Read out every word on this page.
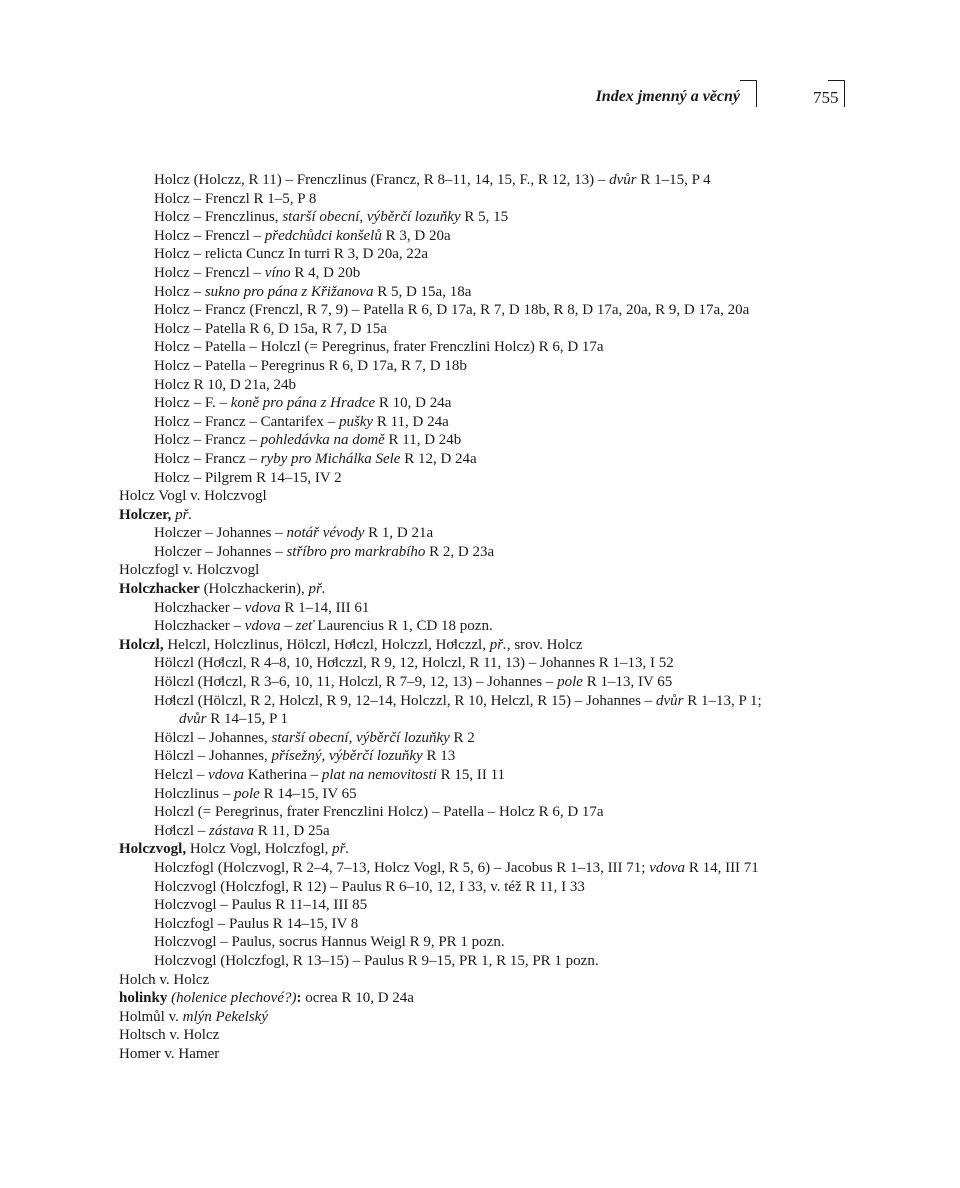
Index jmenný a věcný	755
Holcz (Holczz, R 11) – Frenczlinus (Francz, R 8–11, 14, 15, F., R 12, 13) – dvůr R 1–15, P 4
Holcz – Frenczl R 1–5, P 8
Holcz – Frenczlinus, starší obecní, výběrčí lozuňky R 5, 15
Holcz – Frenczl – předchůdci konšelů R 3, D 20a
Holcz – relicta Cuncz In turri R 3, D 20a, 22a
Holcz – Frenczl – víno R 4, D 20b
Holcz – sukno pro pána z Křižanova R 5, D 15a, 18a
Holcz – Francz (Frenczl, R 7, 9) – Patella R 6, D 17a, R 7, D 18b, R 8, D 17a, 20a, R 9, D 17a, 20a
Holcz – Patella R 6, D 15a, R 7, D 15a
Holcz – Patella – Holczl (= Peregrinus, frater Frenczlini Holcz) R 6, D 17a
Holcz – Patella – Peregrinus R 6, D 17a, R 7, D 18b
Holcz R 10, D 21a, 24b
Holcz – F. – koně pro pána z Hradce R 10, D 24a
Holcz – Francz – Cantarifex – pušky R 11, D 24a
Holcz – Francz – pohledávka na domě R 11, D 24b
Holcz – Francz – ryby pro Michálka Sele R 12, D 24a
Holcz – Pilgrem R 14–15, IV 2
Holcz Vogl v. Holczvogl
Holczer, př.
Holczer – Johannes – notář vévody R 1, D 21a
Holczer – Johannes – stříbro pro markrabího R 2, D 23a
Holczfogl v. Holczvogl
Holczhacker (Holczhackerin), př.
Holczhacker – vdova R 1–14, III 61
Holczhacker – vdova – zeť Laurencius R 1, CD 18 pozn.
Holczl, Helczl, Holczlinus, Hölczl, Hoͤlczl, Holczzl, Hoͤlczzl, př., srov. Holcz
Hölczl (Hoͤlczl, R 4–8, 10, Hoͤlczzl, R 9, 12, Holczl, R 11, 13) – Johannes R 1–13, I 52
Hölczl (Hoͤlczl, R 3–6, 10, 11, Holczl, R 7–9, 12, 13) – Johannes – pole R 1–13, IV 65
Hoͤlczl (Hölczl, R 2, Holczl, R 9, 12–14, Holczzl, R 10, Helczl, R 15) – Johannes – dvůr R 1–13, P 1;
dvůr R 14–15, P 1
Hölczl – Johannes, starší obecní, výběrčí lozuňky R 2
Hölczl – Johannes, přísežný, výběrčí lozuňky R 13
Helczl – vdova Katherina – plat na nemovitosti R 15, II 11
Holczlinus – pole R 14–15, IV 65
Holczl (= Peregrinus, frater Frenczlini Holcz) – Patella – Holcz R 6, D 17a
Hoͤlczl – zástava R 11, D 25a
Holczvogl, Holcz Vogl, Holczfogl, př.
Holczfogl (Holczvogl, R 2–4, 7–13, Holcz Vogl, R 5, 6) – Jacobus R 1–13, III 71; vdova R 14, III 71
Holczvogl (Holczfogl, R 12) – Paulus R 6–10, 12, I 33, v. též R 11, I 33
Holczvogl – Paulus R 11–14, III 85
Holczfogl – Paulus R 14–15, IV 8
Holczvogl – Paulus, socrus Hannus Weigl R 9, PR 1 pozn.
Holczvogl (Holczfogl, R 13–15) – Paulus R 9–15, PR 1, R 15, PR 1 pozn.
Holch v. Holcz
holinky (holenice plechové?): ocrea R 10, D 24a
Holmůl v. mlýn Pekelský
Holtsch v. Holcz
Homer v. Hamer
